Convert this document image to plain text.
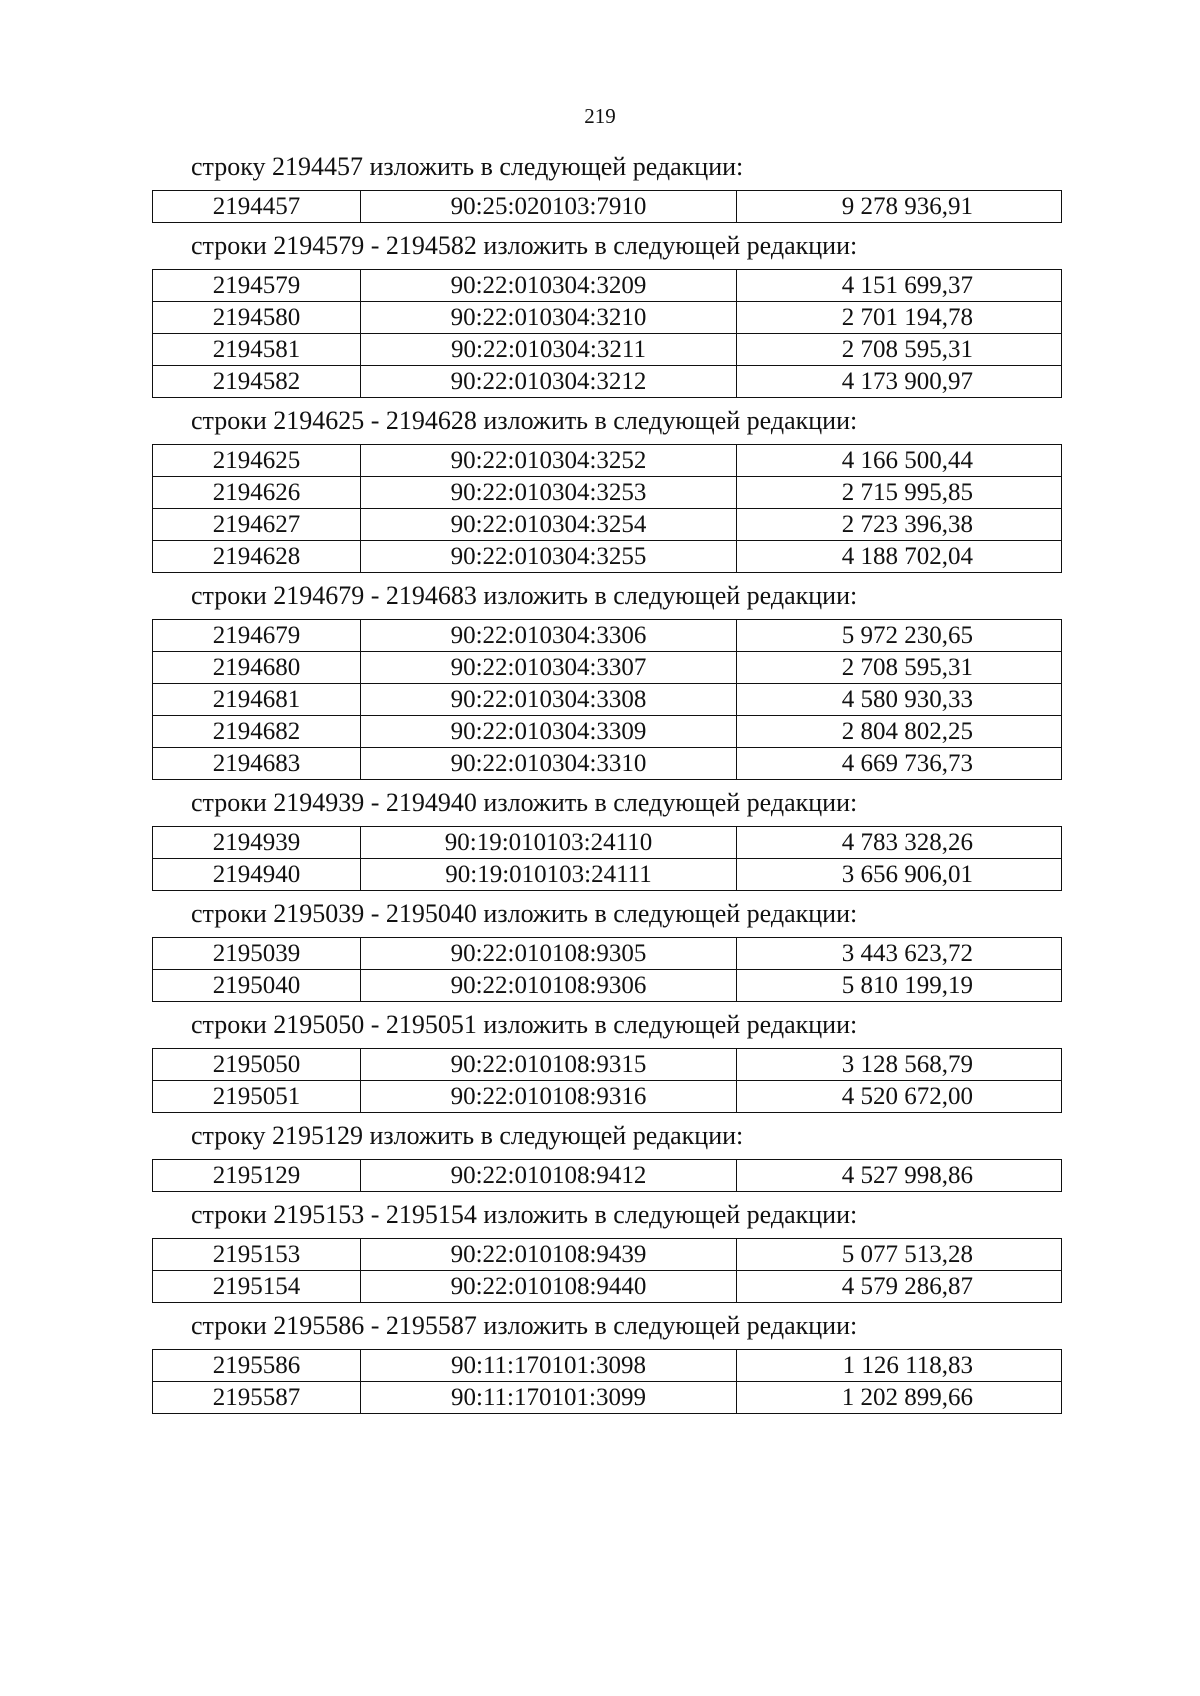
219
строку 2194457 изложить в следующей редакции:
2194457	90:25:020103:7910	9 278 936,91
строки 2194579 - 2194582 изложить в следующей редакции:
2194579	90:22:010304:3209	4 151 699,37
2194580	90:22:010304:3210	2 701 194,78
2194581	90:22:010304:3211	2 708 595,31
2194582	90:22:010304:3212	4 173 900,97
строки 2194625 - 2194628 изложить в следующей редакции:
2194625	90:22:010304:3252	4 166 500,44
2194626	90:22:010304:3253	2 715 995,85
2194627	90:22:010304:3254	2 723 396,38
2194628	90:22:010304:3255	4 188 702,04
строки 2194679 - 2194683 изложить в следующей редакции:
2194679	90:22:010304:3306	5 972 230,65
2194680	90:22:010304:3307	2 708 595,31
2194681	90:22:010304:3308	4 580 930,33
2194682	90:22:010304:3309	2 804 802,25
2194683	90:22:010304:3310	4 669 736,73
строки 2194939 - 2194940 изложить в следующей редакции:
2194939	90:19:010103:24110	4 783 328,26
2194940	90:19:010103:24111	3 656 906,01
строки 2195039 - 2195040 изложить в следующей редакции:
2195039	90:22:010108:9305	3 443 623,72
2195040	90:22:010108:9306	5 810 199,19
строки 2195050 - 2195051 изложить в следующей редакции:
2195050	90:22:010108:9315	3 128 568,79
2195051	90:22:010108:9316	4 520 672,00
строку 2195129 изложить в следующей редакции:
2195129	90:22:010108:9412	4 527 998,86
строки 2195153 - 2195154 изложить в следующей редакции:
2195153	90:22:010108:9439	5 077 513,28
2195154	90:22:010108:9440	4 579 286,87
строки 2195586 - 2195587 изложить в следующей редакции:
2195586	90:11:170101:3098	1 126 118,83
2195587	90:11:170101:3099	1 202 899,66
